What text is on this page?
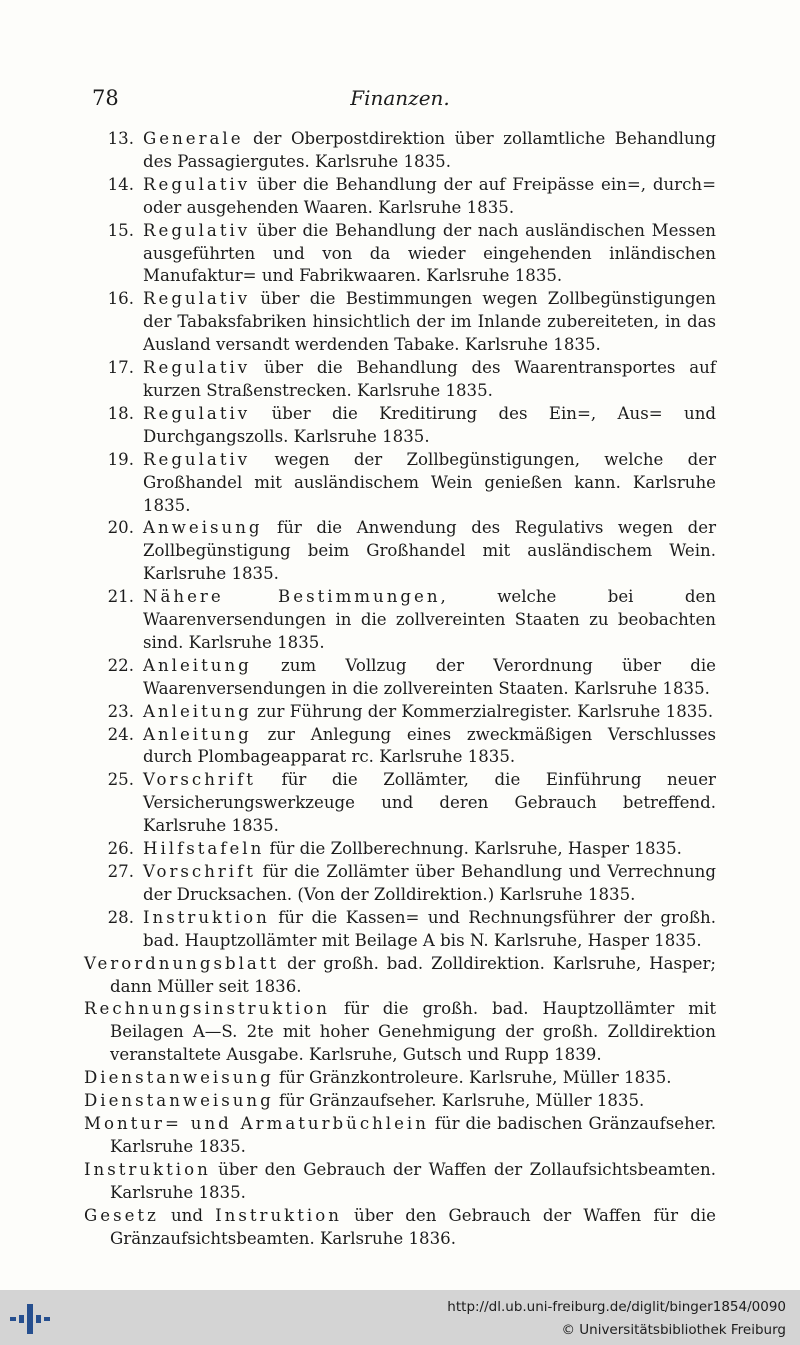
78	Finanzen.
13. Generale der Oberpostdirektion über zollamtliche Behandlung des Passagiergutes. Karlsruhe 1835.
14. Regulativ über die Behandlung der auf Freipässe ein=, durch= oder ausgehenden Waaren. Karlsruhe 1835.
15. Regulativ über die Behandlung der nach ausländischen Messen ausgeführten und von da wieder eingehenden inländischen Manufaktur= und Fabrikwaaren. Karlsruhe 1835.
16. Regulativ über die Bestimmungen wegen Zollbegünstigungen der Tabaksfabriken hinsichtlich der im Inlande zubereiteten, in das Ausland versandt werdenden Tabake. Karlsruhe 1835.
17. Regulativ über die Behandlung des Waarentransportes auf kurzen Straßenstrecken. Karlsruhe 1835.
18. Regulativ über die Kreditirung des Ein=, Aus= und Durchgangszolls. Karlsruhe 1835.
19. Regulativ wegen der Zollbegünstigungen, welche der Großhandel mit ausländischem Wein genießen kann. Karlsruhe 1835.
20. Anweisung für die Anwendung des Regulativs wegen der Zollbegünstigung beim Großhandel mit ausländischem Wein. Karlsruhe 1835.
21. Nähere Bestimmungen, welche bei den Waarenversendungen in die zollvereinten Staaten zu beobachten sind. Karlsruhe 1835.
22. Anleitung zum Vollzug der Verordnung über die Waarenversendungen in die zollvereinten Staaten. Karlsruhe 1835.
23. Anleitung zur Führung der Kommerzialregister. Karlsruhe 1835.
24. Anleitung zur Anlegung eines zweckmäßigen Verschlusses durch Plombageapparat rc. Karlsruhe 1835.
25. Vorschrift für die Zollämter, die Einführung neuer Versicherungswerkzeuge und deren Gebrauch betreffend. Karlsruhe 1835.
26. Hilfstafeln für die Zollberechnung. Karlsruhe, Hasper 1835.
27. Vorschrift für die Zollämter über Behandlung und Verrechnung der Drucksachen. (Von der Zolldirektion.) Karlsruhe 1835.
28. Instruktion für die Kassen= und Rechnungsführer der großh. bad. Hauptzollämter mit Beilage A bis N. Karlsruhe, Hasper 1835.
Verordnungsblatt der großh. bad. Zolldirektion. Karlsruhe, Hasper; dann Müller seit 1836.
Rechnungsinstruktion für die großh. bad. Hauptzollämter mit Beilagen A—S. 2te mit hoher Genehmigung der großh. Zolldirektion veranstaltete Ausgabe. Karlsruhe, Gutsch und Rupp 1839.
Dienstanweisung für Gränzkontroleure. Karlsruhe, Müller 1835.
Dienstanweisung für Gränzaufseher. Karlsruhe, Müller 1835.
Montur= und Armaturbüchlein für die badischen Gränzaufseher. Karlsruhe 1835.
Instruktion über den Gebrauch der Waffen der Zollaufsichtsbeamten. Karlsruhe 1835.
Gesetz und Instruktion über den Gebrauch der Waffen für die Gränzaufsichtsbeamten. Karlsruhe 1836.
http://dl.ub.uni-freiburg.de/diglit/binger1854/0090
© Universitätsbibliothek Freiburg
